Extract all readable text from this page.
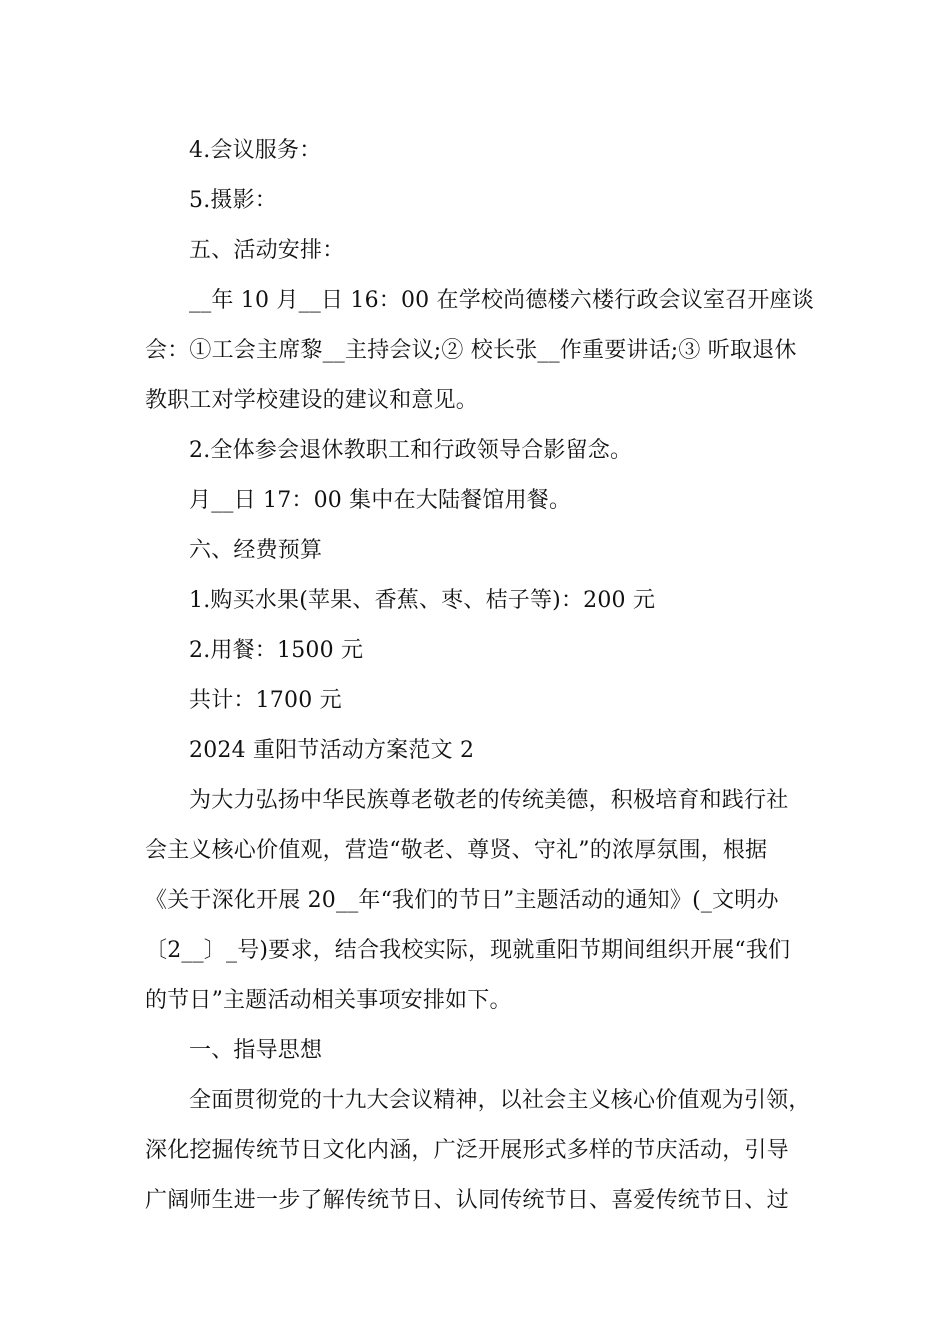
4.会议服务：
5.摄影：
五、活动安排：
__年 10 月__日 16：00 在学校尚德楼六楼行政会议室召开座谈
会：①工会主席黎__主持会议;② 校长张__作重要讲话;③ 听取退休
教职工对学校建设的建议和意见。
2.全体参会退休教职工和行政领导合影留念。
月__日 17：00 集中在大陆餐馆用餐。
六、经费预算
1.购买水果(苹果、香蕉、枣、桔子等)：200 元
2.用餐：1500 元
共计：1700 元
2024 重阳节活动方案范文 2
为大力弘扬中华民族尊老敬老的传统美德，积极培育和践行社
会主义核心价值观，营造“敬老、尊贤、守礼”的浓厚氛围，根据
《关于深化开展 20__年“我们的节日”主题活动的通知》(_文明办
〔2__〕_号)要求，结合我校实际，现就重阳节期间组织开展“我们
的节日”主题活动相关事项安排如下。
一、指导思想
全面贯彻党的十九大会议精神，以社会主义核心价值观为引领，
深化挖掘传统节日文化内涵，广泛开展形式多样的节庆活动，引导
广阔师生进一步了解传统节日、认同传统节日、喜爱传统节日、过
